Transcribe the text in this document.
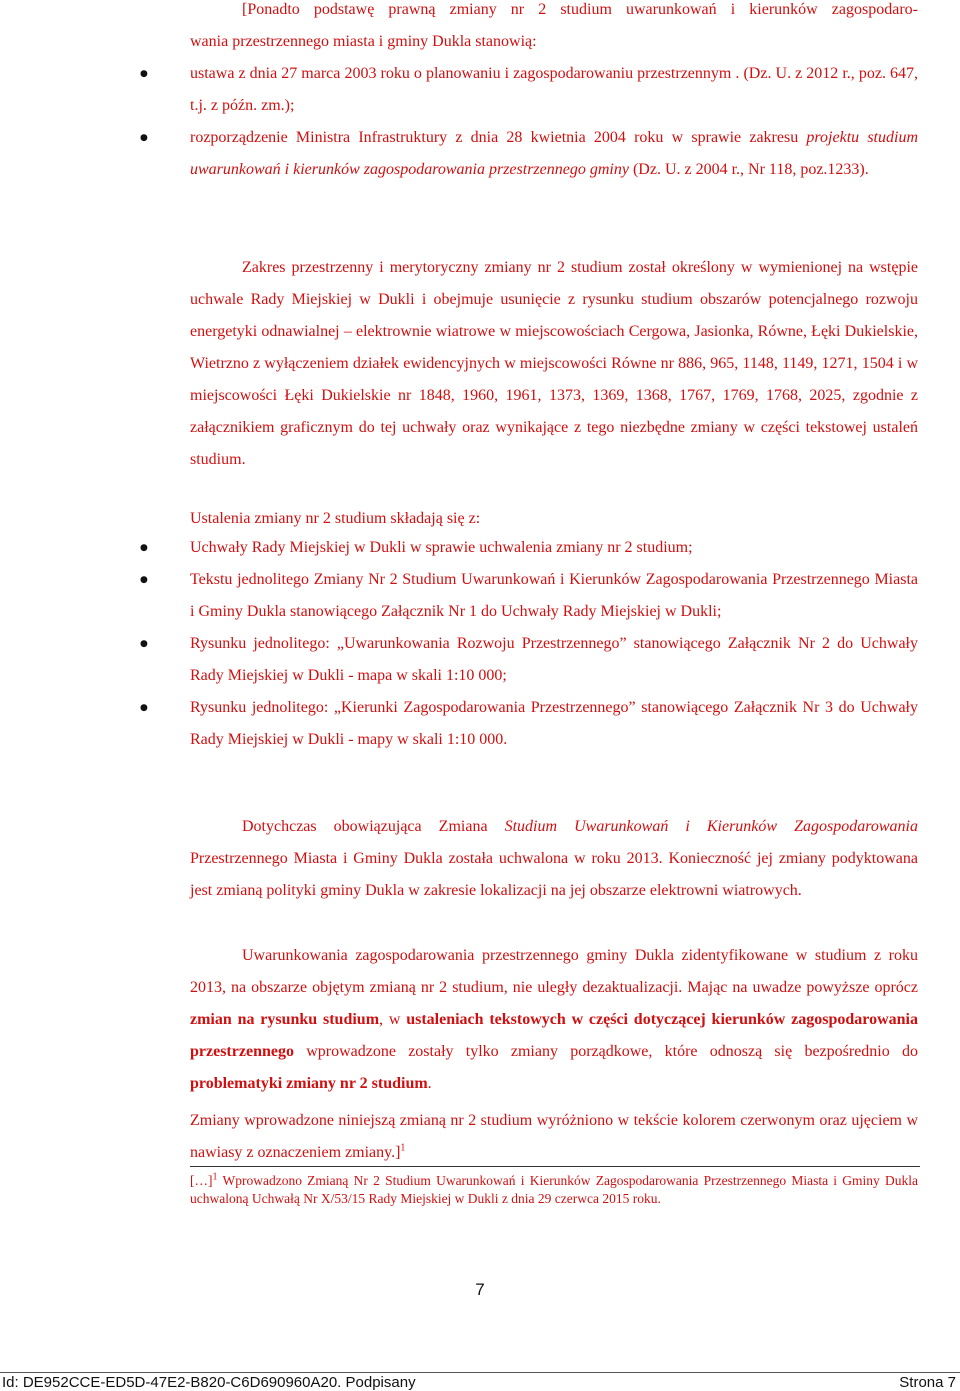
[Ponadto podstawę prawną zmiany nr 2 studium uwarunkowań i kierunków zagospodaro-

wania przestrzennego miasta i gminy Dukla stanowią:

● ustawa z dnia 27 marca 2003 roku o planowaniu i zagospodarowaniu przestrzennym . (Dz. U. z 2012 r., poz. 647, t.j. z późn. zm.);
● rozporządzenie Ministra Infrastruktury z dnia 28 kwietnia 2004 roku w sprawie zakresu projektu studium uwarunkowań i kierunków zagospodarowania przestrzennego gminy (Dz. U. z 2004 r., Nr 118, poz.1233).

Zakres przestrzenny i merytoryczny zmiany nr 2 studium został określony w wymienionej na wstępie uchwale Rady Miejskiej w Dukli i obejmuje usunięcie z rysunku studium obszarów potencjalnego rozwoju energetyki odnawialnej – elektrownie wiatrowe w miejscowościach Cergowa, Jasionka, Równe, Łęki Dukielskie, Wietrzno z wyłączeniem działek ewidencyjnych w miejscowości Równe nr 886, 965, 1148, 1149, 1271, 1504 i w miejscowości Łęki Dukielskie nr 1848, 1960, 1961, 1373, 1369, 1368, 1767, 1769, 1768, 2025, zgodnie z załącznikiem graficznym do tej uchwały oraz wynikające z tego niezbędne zmiany w części tekstowej ustaleń studium.

Ustalenia zmiany nr 2 studium składają się z:

● Uchwały Rady Miejskiej w Dukli w sprawie uchwalenia zmiany nr 2 studium;
● Tekstu jednolitego Zmiany Nr 2 Studium Uwarunkowań i Kierunków Zagospodarowania Przestrzennego Miasta i Gminy Dukla stanowiącego Załącznik Nr 1 do Uchwały Rady Miejskiej w Dukli;
● Rysunku jednolitego: „Uwarunkowania Rozwoju Przestrzennego” stanowiącego Załącznik Nr 2 do Uchwały Rady Miejskiej w Dukli - mapa w skali 1:10 000;
● Rysunku jednolitego: „Kierunki Zagospodarowania Przestrzennego” stanowiącego Załącznik Nr 3 do Uchwały Rady Miejskiej w Dukli - mapy w skali 1:10 000.

Dotychczas obowiązująca Zmiana Studium Uwarunkowań i Kierunków Zagospodarowania Przestrzennego Miasta i Gminy Dukla została uchwalona w roku 2013. Konieczność jej zmiany podyktowana jest zmianą polityki gminy Dukla w zakresie lokalizacji na jej obszarze elektrowni wiatrowych.

Uwarunkowania zagospodarowania przestrzennego gminy Dukla zidentyfikowane w studium z roku 2013, na obszarze objętym zmianą nr 2 studium, nie uległy dezaktualizacji. Mając na uwadze powyższe oprócz zmian na rysunku studium, w ustaleniach tekstowych w części dotyczącej kierunków zagospodarowania przestrzennego wprowadzone zostały tylko zmiany porządkowe, które odnoszą się bezpośrednio do problematyki zmiany nr 2 studium.

Zmiany wprowadzone niniejszą zmianą nr 2 studium wyróżniono w tekście kolorem czerwonym oraz ujęciem w nawiasy z oznaczeniem zmiany.]$^1$

[…]$^1$ Wprowadzono Zmianą Nr 2 Studium Uwarunkowań i Kierunków Zagospodarowania Przestrzennego Miasta i Gminy Dukla uchwaloną Uchwałą Nr X/53/15 Rady Miejskiej w Dukli z dnia 29 czerwca 2015 roku.
7
Id: DE952CCE-ED5D-47E2-B820-C6D690960A20. Podpisany	Strona 7
